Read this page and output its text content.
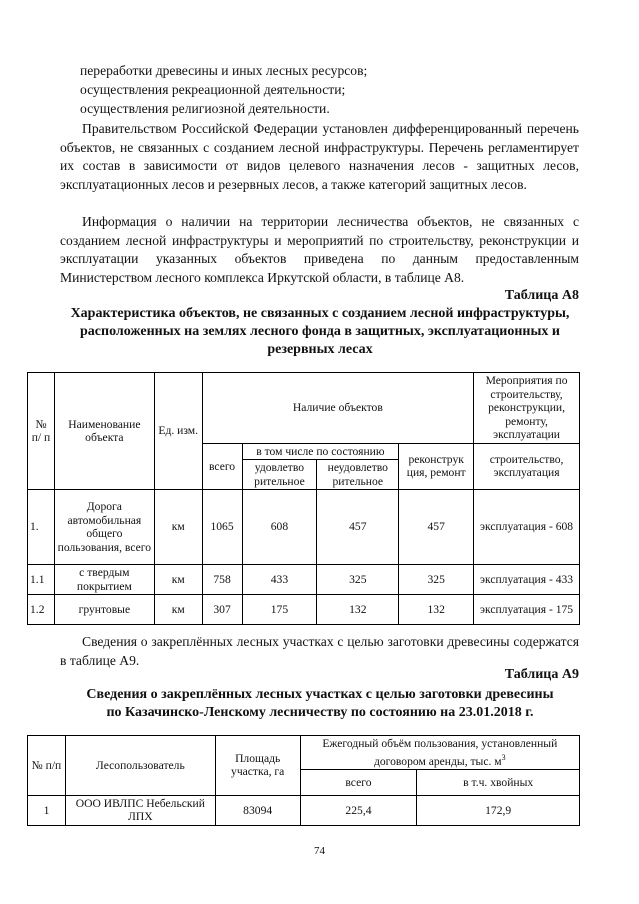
переработки древесины и иных лесных ресурсов;

осуществления рекреационной деятельности;

осуществления религиозной деятельности.

Правительством Российской Федерации установлен дифференцированный перечень объектов, не связанных с созданием лесной инфраструктуры. Перечень регламентирует их состав в зависимости от видов целевого назначения лесов - защитных лесов, эксплуатационных лесов и резервных лесов, а также категорий защитных лесов.

Информация о наличии на территории лесничества объектов, не связанных с созданием лесной инфраструктуры и мероприятий по строительству, реконструкции и эксплуатации указанных объектов приведена по данным предоставленным Министерством лесного комплекса Иркутской области, в таблице А8.

Таблица А8
Характеристика объектов, не связанных с созданием лесной инфраструктуры, расположенных на землях лесного фонда в защитных, эксплуатационных и резервных лесах
№ п/ п	Наименование объекта	Ед. изм.	Наличие объектов				Мероприятия по строительству, реконструкции, ремонту, эксплуатации
			всего	в том числе по состоянию		реконструк ция, ремонт	строительство, эксплуатация
				удовлетво рительное	неудовлетво рительное		
1.	Дорога автомобильная общего пользования, всего	км	1065	608	457	457	эксплуатация - 608
1.1	с твердым покрытием	км	758	433	325	325	эксплуатация - 433
1.2	грунтовые	км	307	175	132	132	эксплуатация - 175

Сведения о закреплённых лесных участках с целью заготовки древесины содержатся в таблице А9.

Таблица А9
Сведения о закреплённых лесных участках с целью заготовки древесины
по Казачинско-Ленскому лесничеству по состоянию на 23.01.2018 г.
№ п/п	Лесопользователь	Площадь участка, га	Ежегодный объём пользования, установленный договором аренды, тыс. $м^3$
			всего	в т.ч. хвойных
1	ООО ИВЛПС Небельский ЛПХ	83094	225,4	172,9
74
